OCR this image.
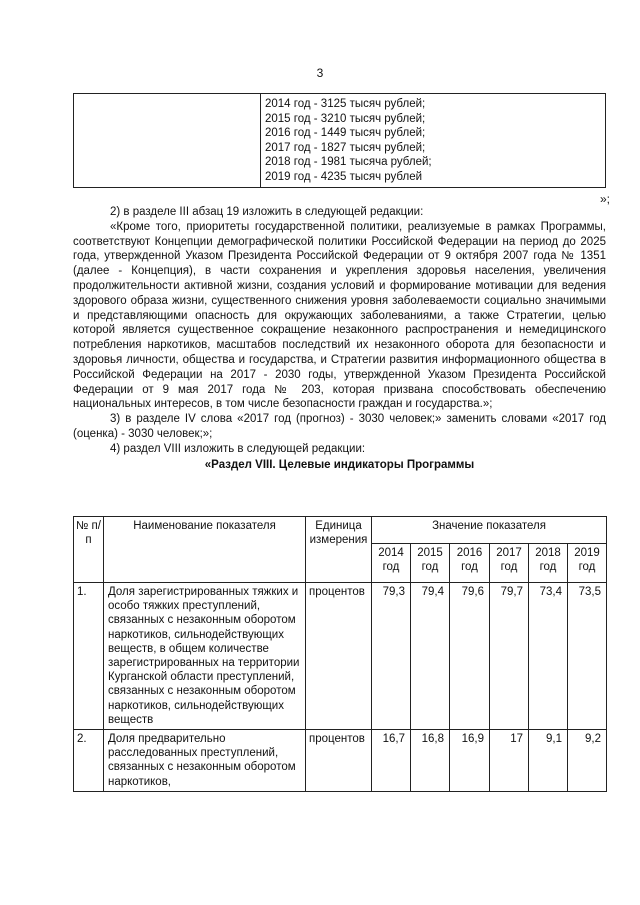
3

2014 год - 3125 тысяч рублей;
2015 год - 3210 тысяч рублей;
2016 год - 1449 тысяч рублей;
2017 год - 1827 тысяч рублей;
2018 год - 1981 тысяча рублей;
2019 год - 4235 тысяч рублей
»;

2) в разделе III абзац 19 изложить в следующей редакции:

«Кроме того, приоритеты государственной политики, реализуемые в рамках Программы, соответствуют Концепции демографической политики Российской Федерации на период до 2025 года, утвержденной Указом Президента Российской Федерации от 9 октября 2007 года № 1351 (далее - Концепция), в части сохранения и укрепления здоровья населения, увеличения продолжительности активной жизни, создания условий и формирование мотивации для ведения здорового образа жизни, существенного снижения уровня заболеваемости социально значимыми и представляющими опасность для окружающих заболеваниями, а также Стратегии, целью которой является существенное сокращение незаконного распространения и немедицинского потребления наркотиков, масштабов последствий их незаконного оборота для безопасности и здоровья личности, общества и государства, и Стратегии развития информационного общества в Российской Федерации на 2017 - 2030 годы, утвержденной Указом Президента Российской Федерации от 9 мая 2017 года № 203, которая призвана способствовать обеспечению национальных интересов, в том числе безопасности граждан и государства.»;

3) в разделе IV слова «2017 год (прогноз) - 3030 человек;» заменить словами «2017 год (оценка) - 3030 человек;»;

4) раздел VIII изложить в следующей редакции:

«Раздел VIII. Целевые индикаторы Программы

№ п/п	Наименование показателя	Единица измерения	Значение показателя					
			2014 год	2015 год	2016 год	2017 год	2018 год	2019 год
1.	Доля зарегистрированных тяжких и особо тяжких преступлений, связанных с незаконным оборотом наркотиков, сильнодействующих веществ, в общем количестве зарегистрированных на территории Курганской области преступлений, связанных с незаконным оборотом наркотиков, сильнодействующих веществ	процентов	79,3	79,4	79,6	79,7	73,4	73,5
2.	Доля предварительно расследованных преступлений, связанных с незаконным оборотом наркотиков,	процентов	16,7	16,8	16,9	17	9,1	9,2
